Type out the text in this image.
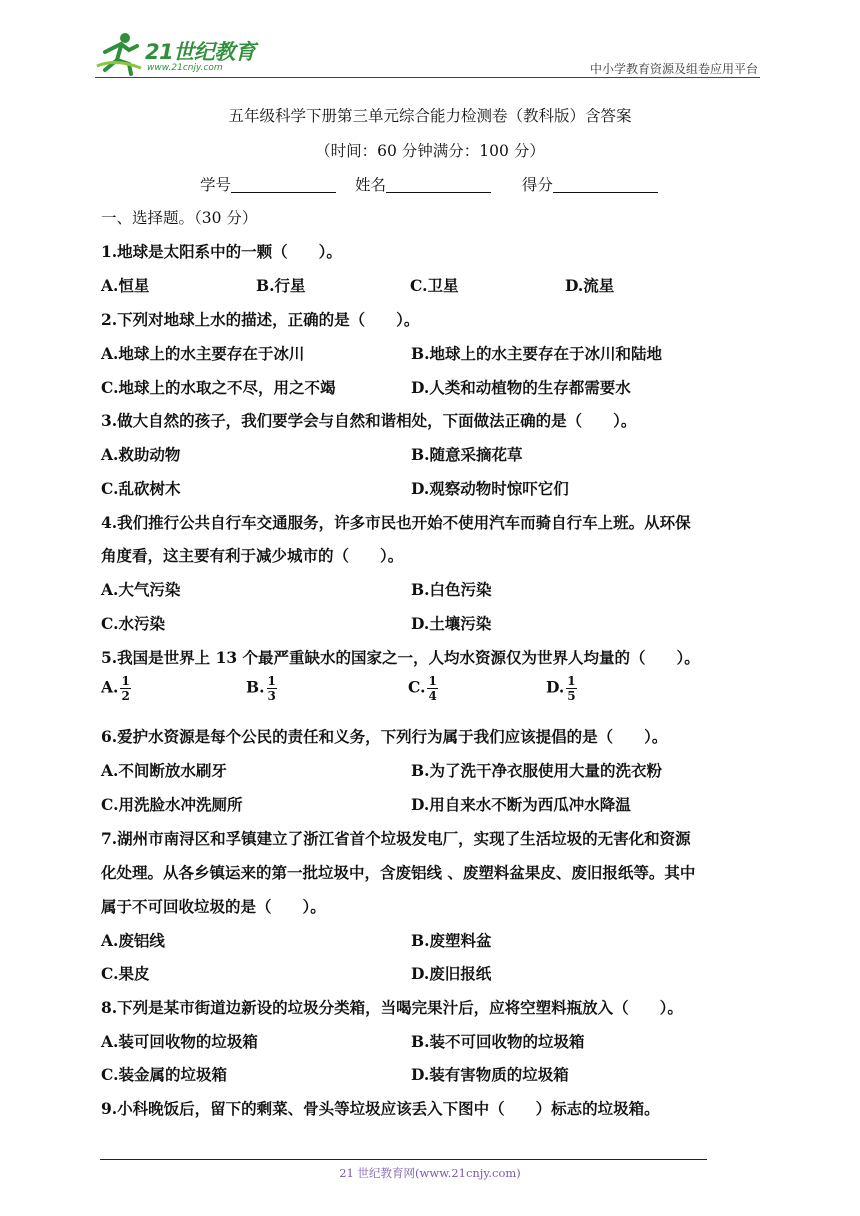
21世纪教育
www.21cnjy.com	中小学教育资源及组卷应用平台
五年级科学下册第三单元综合能力检测卷（教科版）含答案
（时间：60 分钟满分：100 分）
学号	姓名	得分
一、选择题。（30 分）
1.地球是太阳系中的一颗（　　）。
A.恒星	B.行星	C.卫星	D.流星
2.下列对地球上水的描述，正确的是（　　）。
A.地球上的水主要存在于冰川	B.地球上的水主要存在于冰川和陆地
C.地球上的水取之不尽，用之不竭	D.人类和动植物的生存都需要水
3.做大自然的孩子，我们要学会与自然和谐相处，下面做法正确的是（　　）。
A.救助动物	B.随意采摘花草
C.乱砍树木	D.观察动物时惊吓它们
4.我们推行公共自行车交通服务，许多市民也开始不使用汽车而骑自行车上班。从环保
角度看，这主要有利于减少城市的（　　）。
A.大气污染	B.白色污染
C.水污染	D.土壤污染
5.我国是世界上 13 个最严重缺水的国家之一，人均水资源仅为世界人均量的（　　）。
A. $\frac{1}{2}$	B. $\frac{1}{3}$	C. $\frac{1}{4}$	D. $\frac{1}{5}$
6.爱护水资源是每个公民的责任和义务，下列行为属于我们应该提倡的是（　　）。
A.不间断放水刷牙	B.为了洗干净衣服使用大量的洗衣粉
C.用洗脸水冲洗厕所	D.用自来水不断为西瓜冲水降温
7.湖州市南浔区和孚镇建立了浙江省首个垃圾发电厂，实现了生活垃圾的无害化和资源
化处理。从各乡镇运来的第一批垃圾中，含废铝线 、废塑料盆果皮、废旧报纸等。其中
属于不可回收垃圾的是（　　）。
A.废铝线	B.废塑料盆
C.果皮	D.废旧报纸
8.下列是某市街道边新设的垃圾分类箱，当喝完果汁后，应将空塑料瓶放入（　　）。
A.装可回收物的垃圾箱	B.装不可回收物的垃圾箱
C.装金属的垃圾箱	D.装有害物质的垃圾箱
9.小科晚饭后，留下的剩菜、骨头等垃圾应该丢入下图中（　　）标志的垃圾箱。
21 世纪教育网(www.21cnjy.com)
